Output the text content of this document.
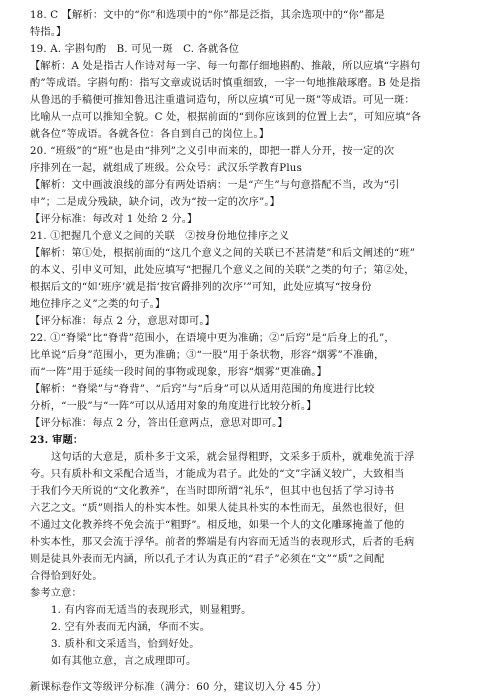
18. C 【解析：文中的“你”和选项中的“你”都是泛指，其余选项中的“你”都是
特指。】
19. A. 字斟句酌　B. 可见一斑　C. 各就各位
【解析：A 处是指古人作诗对每一字、每一句都仔细地斟酌、推敲，所以应填“字斟句
酌”等成语。字斟句酌：指写文章或说话时慎重细致，一字一句地推敲琢磨。B 处是指
从鲁迅的手稿便可推知鲁迅注重遣词造句，所以应填“可见一斑”等成语。可见一斑：
比喻从一点可以推知全貌。C 处，根据前面的“到你应该到的位置上去”，可知应填“各
就各位”等成语。各就各位：各自到自己的岗位上。】
20. “班级”的“班”也是由“排列”之义引申而来的，即把一群人分开，按一定的次
序排列在一起，就组成了班级。公众号：武汉乐学教育Plus
【解析：文中画波浪线的部分有两处语病：一是“产生”与句意搭配不当，改为“引
申”；二是成分残缺，缺介词，改为“按一定的次序”。】
【评分标准：每改对 1 处给 2 分。】
21. ①把握几个意义之间的关联　②按身份地位排序之义
【解析：第①处，根据前面的“这几个意义之间的关联已不甚清楚”和后文阐述的“班”
的本义、引申义可知，此处应填写“把握几个意义之间的关联”之类的句子；第②处，
根据后文的“如‘班序’就是指‘按官爵排列的次序’”可知，此处应填写“按身份
地位排序之义”之类的句子。】
【评分标准：每点 2 分，意思对即可。】
22. ①“脊梁”比“脊背”范围小，在语境中更为准确；②“后窍”是“后身上的孔”，
比单说“后身”范围小，更为准确；③“一股”用于条状物，形容“烟雾”不准确，
而“一阵”用于延续一段时间的事物或现象，形容“烟雾”更准确。】
【解析：“脊梁”与“脊背”、“后窍”与“后身”可以从适用范围的角度进行比较
分析，“一股”与“一阵”可以从适用对象的角度进行比较分析。】
【评分标准：每点 2 分，答出任意两点，意思对即可。】
23. 审题：
这句话的大意是，质朴多于文采，就会显得粗野，文采多于质朴，就难免流于浮
夸。只有质朴和文采配合适当，才能成为君子。此处的“文”字涵义较广，大致相当
于我们今天所说的“文化教养”，在当时即所谓“礼乐”，但其中也包括了学习诗书
六艺之文。“质”则指人的朴实本性。如果人徒具朴实的本性而无，虽然也很好，但
不通过文化教养终不免会流于“粗野”。相反地，如果一个人的文化雕琢掩盖了他的
朴实本性，那又会流于浮华。前者的弊端是有内容而无适当的表现形式，后者的毛病
则是徒具外表而无内涵，所以孔子才认为真正的“君子”必须在“文”“质”之间配
合得恰到好处。
参考立意：
1. 有内容而无适当的表现形式，则显粗野。
2. 空有外表而无内涵，华而不实。
3. 质朴和文采适当，恰到好处。
如有其他立意，言之成理即可。
新课标卷作文等级评分标准（满分：60 分，建议切入分 45 分）
